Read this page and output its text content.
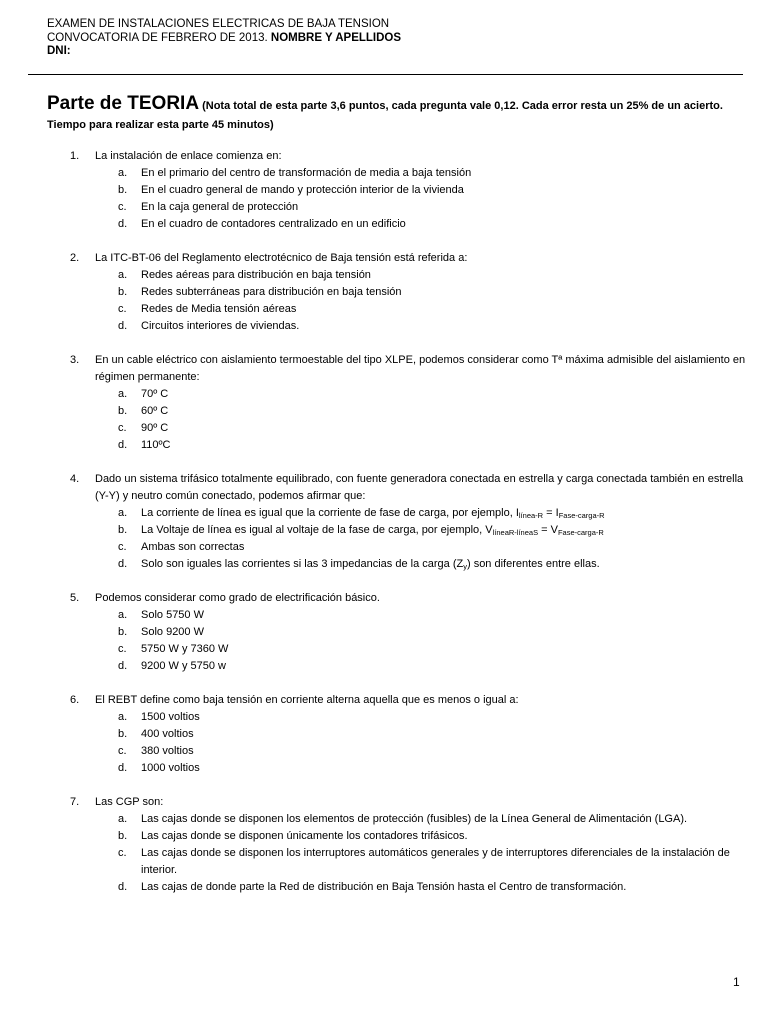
EXAMEN DE INSTALACIONES ELECTRICAS DE BAJA TENSION
CONVOCATORIA DE FEBRERO DE 2013. NOMBRE Y APELLIDOS
DNI:
Parte de TEORIA (Nota total de esta parte 3,6 puntos, cada pregunta vale 0,12. Cada error resta un 25% de un acierto. Tiempo para realizar esta parte 45 minutos)
1. La instalación de enlace comienza en:
a. En el primario del centro de transformación de media a baja tensión
b. En el cuadro general de mando y protección interior de la vivienda
c. En la caja general de protección
d. En el cuadro de contadores centralizado en un edificio
2. La ITC-BT-06 del Reglamento electrotécnico de Baja tensión está referida a:
a. Redes aéreas para distribución en baja tensión
b. Redes subterráneas para distribución en baja tensión
c. Redes de Media tensión aéreas
d. Circuitos interiores de viviendas.
3. En un cable eléctrico con aislamiento termoestable del tipo XLPE, podemos considerar como Tª máxima admisible del aislamiento en régimen permanente:
a. 70º C
b. 60º C
c. 90º C
d. 110ºC
4. Dado un sistema trifásico totalmente equilibrado, con fuente generadora conectada en estrella y carga conectada también en estrella (Y-Y) y neutro común conectado, podemos afirmar que:
a. La corriente de línea es igual que la corriente de fase de carga, por ejemplo, $I_{línea-R} = I_{Fase-carga-R}$
b. La Voltaje de línea es igual al voltaje de la fase de carga, por ejemplo, $V_{líneaR-líneaS} = V_{Fase-carga-R}$
c. Ambas son correctas
d. Solo son iguales las corrientes si las 3 impedancias de la carga $(Z_y)$ son diferentes entre ellas.
5. Podemos considerar como grado de electrificación básico.
a. Solo 5750 W
b. Solo 9200 W
c. 5750 W y 7360 W
d. 9200 W y 5750 w
6. El REBT define como baja tensión en corriente alterna aquella que es menos o igual a:
a. 1500 voltios
b. 400 voltios
c. 380 voltios
d. 1000 voltios
7. Las CGP son:
a. Las cajas donde se disponen los elementos de protección (fusibles) de la Línea General de Alimentación (LGA).
b. Las cajas donde se disponen únicamente los contadores trifásicos.
c. Las cajas donde se disponen los interruptores automáticos generales y de interruptores diferenciales de la instalación de interior.
d. Las cajas de donde parte la Red de distribución en Baja Tensión hasta el Centro de transformación.
1
